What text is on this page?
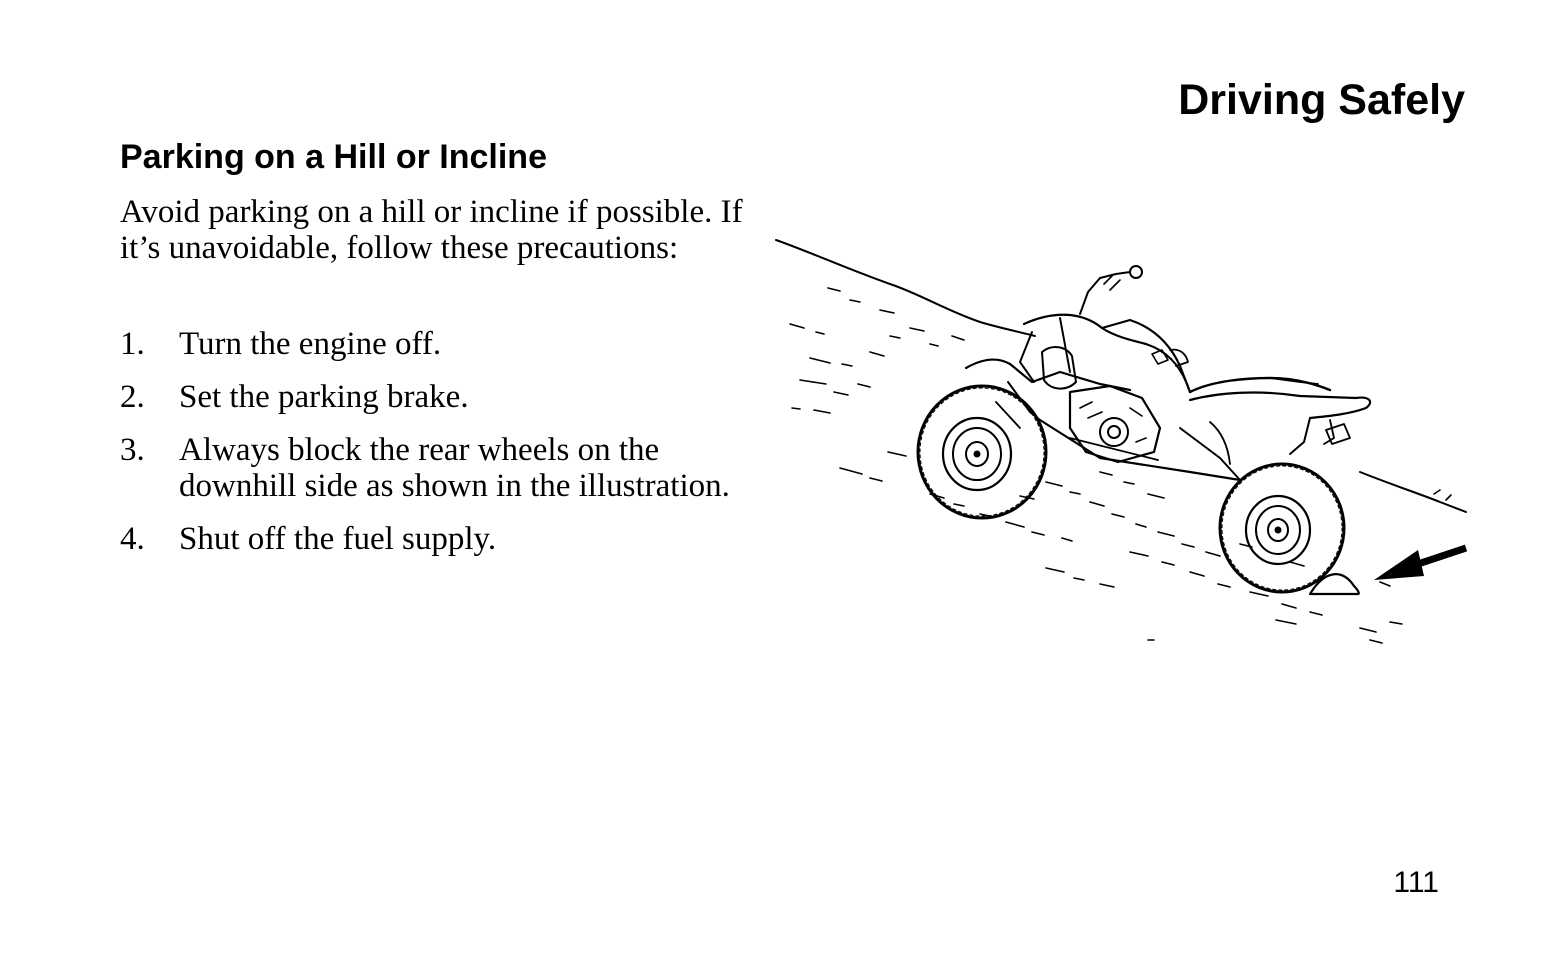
Driving Safely
Parking on a Hill or Incline

Avoid parking on a hill or incline if possible. If it’s unavoidable, follow these precautions:

1.	Turn the engine off.
2.	Set the parking brake.
3.	Always block the rear wheels on the downhill side as shown in the illustration.
4.	Shut off the fuel supply.

111
